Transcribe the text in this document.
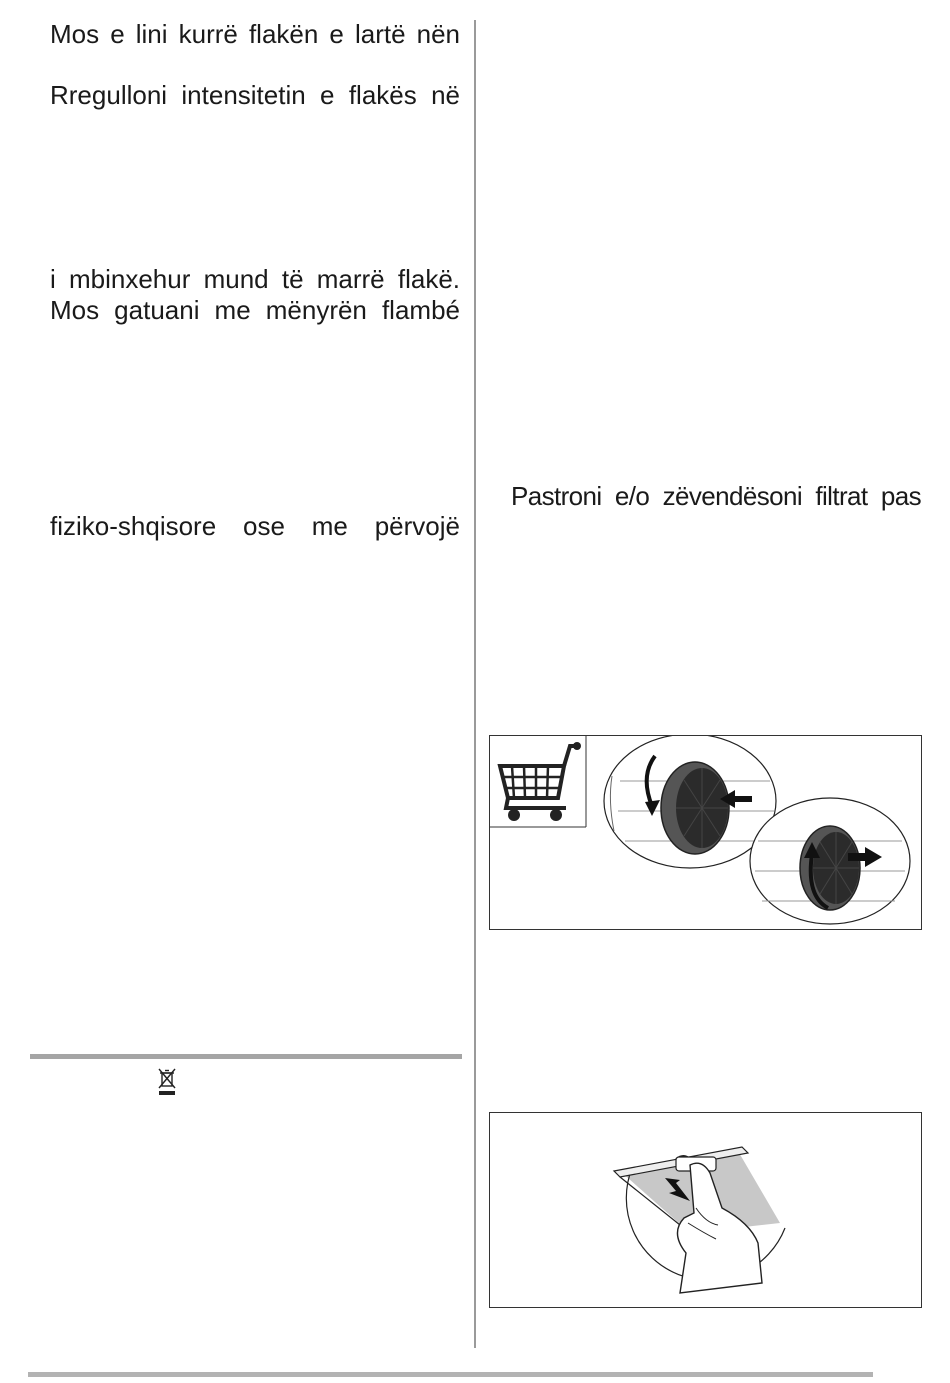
Mos e lini kurrë flakën e lartë nën
Rregulloni intensitetin e flakës në
i mbinxehur mund të marrë flakë.
Mos gatuani me mënyrën flambé
fiziko-shqisore ose me përvojë
Pastroni e/o zëvendësoni filtrat pas
